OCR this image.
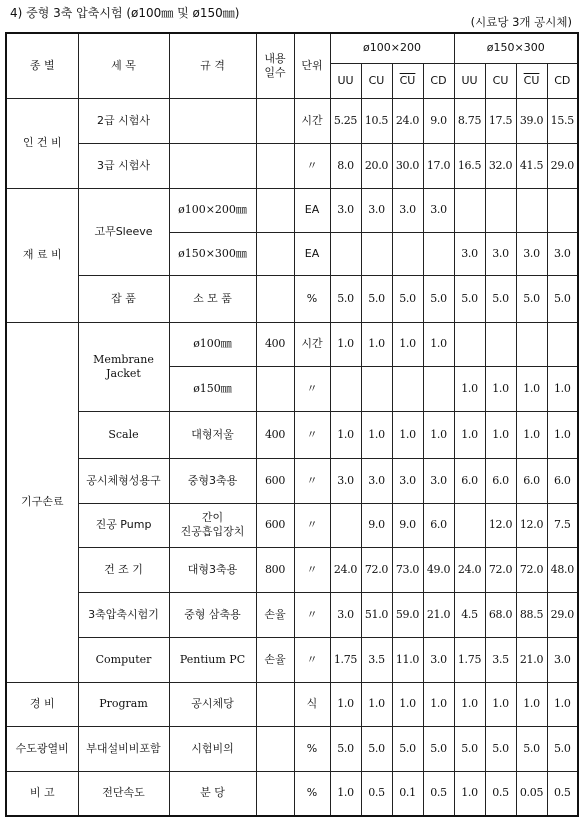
4) 중형 3축 압축시험 (ø100㎜ 및 ø150㎜)
(시료당 3개 공시체)
종 별	세 목	규 격	내용
일수	단위	ø100×200				ø150×300			
					UU	CU	$\overline{CU}$	CD	UU	CU	$\overline{CU}$	CD
인 건 비	2급 시험사			시간	5.25	10.5	24.0	9.0	8.75	17.5	39.0	15.5
	3급 시험사			〃	8.0	20.0	30.0	17.0	16.5	32.0	41.5	29.0
재 료 비	고무Sleeve	ø100×200㎜		EA	3.0	3.0	3.0	3.0				
		ø150×300㎜		EA					3.0	3.0	3.0	3.0
	잡 품	소 모 품		%	5.0	5.0	5.0	5.0	5.0	5.0	5.0	5.0
기구손료	Membrane
Jacket	ø100㎜	400	시간	1.0	1.0	1.0	1.0				
		ø150㎜		〃					1.0	1.0	1.0	1.0
	Scale	대형저울	400	〃	1.0	1.0	1.0	1.0	1.0	1.0	1.0	1.0
	공시체형성용구	중형3축용	600	〃	3.0	3.0	3.0	3.0	6.0	6.0	6.0	6.0
	진공 Pump	간이
진공흡입장치	600	〃		9.0	9.0	6.0		12.0	12.0	7.5
	건 조 기	대형3축용	800	〃	24.0	72.0	73.0	49.0	24.0	72.0	72.0	48.0
	3축압축시험기	중형 삼축용	손율	〃	3.0	51.0	59.0	21.0	4.5	68.0	88.5	29.0
	Computer	Pentium PC	손율	〃	1.75	3.5	11.0	3.0	1.75	3.5	21.0	3.0
경 비	Program	공시체당		식	1.0	1.0	1.0	1.0	1.0	1.0	1.0	1.0
수도광열비	부대설비비포함	시험비의		%	5.0	5.0	5.0	5.0	5.0	5.0	5.0	5.0
비 고	전단속도	분 당		%	1.0	0.5	0.1	0.5	1.0	0.5	0.05	0.5
